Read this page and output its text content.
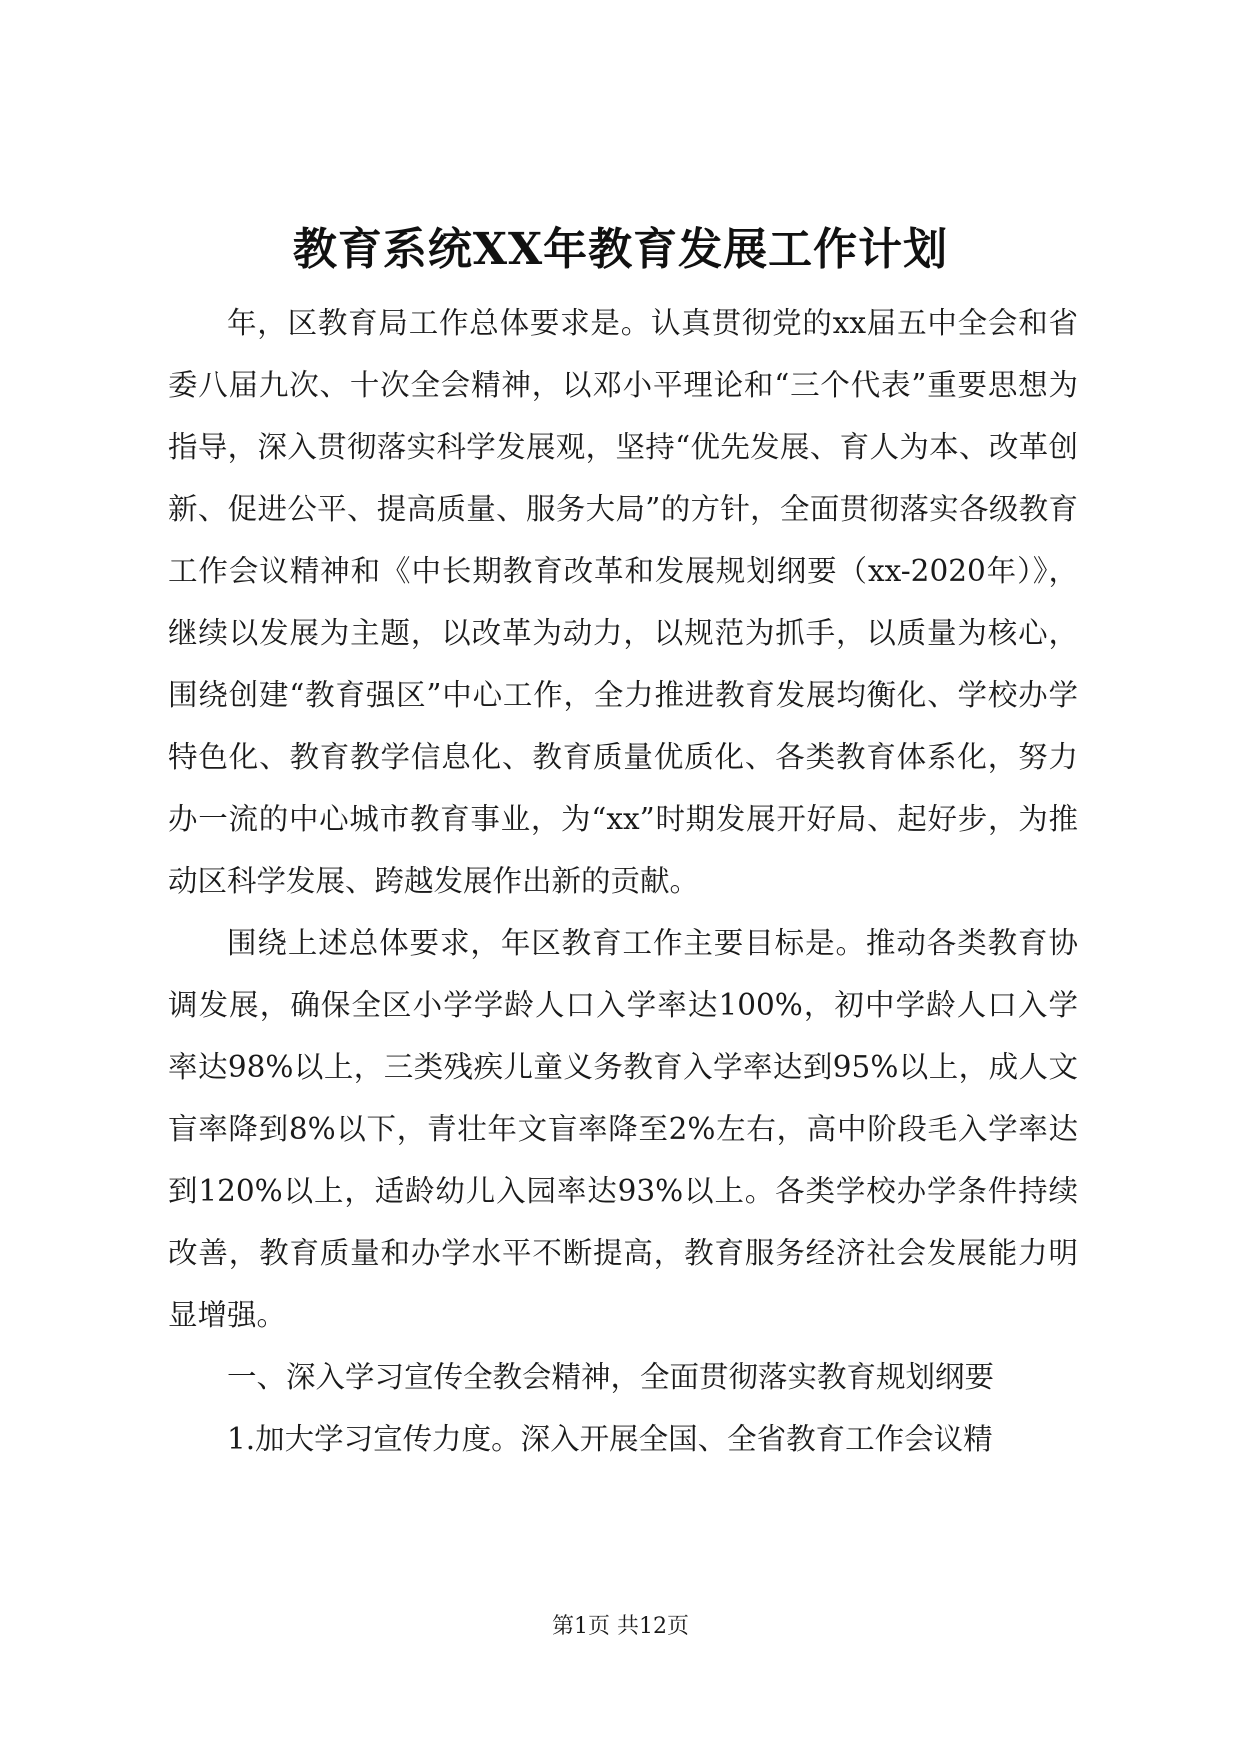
教育系统XX年教育发展工作计划

年，区教育局工作总体要求是。认真贯彻党的xx届五中全会和省委八届九次、十次全会精神，以邓小平理论和“三个代表”重要思想为指导，深入贯彻落实科学发展观，坚持“优先发展、育人为本、改革创新、促进公平、提高质量、服务大局”的方针，全面贯彻落实各级教育工作会议精神和《中长期教育改革和发展规划纲要（xx-2020年）》，继续以发展为主题，以改革为动力，以规范为抓手，以质量为核心，围绕创建“教育强区”中心工作，全力推进教育发展均衡化、学校办学特色化、教育教学信息化、教育质量优质化、各类教育体系化，努力办一流的中心城市教育事业，为“xx”时期发展开好局、起好步，为推动区科学发展、跨越发展作出新的贡献。

围绕上述总体要求，年区教育工作主要目标是。推动各类教育协调发展，确保全区小学学龄人口入学率达100%，初中学龄人口入学率达98%以上，三类残疾儿童义务教育入学率达到95%以上，成人文盲率降到8%以下，青壮年文盲率降至2%左右，高中阶段毛入学率达到120%以上，适龄幼儿入园率达93%以上。各类学校办学条件持续改善，教育质量和办学水平不断提高，教育服务经济社会发展能力明显增强。

一、深入学习宣传全教会精神，全面贯彻落实教育规划纲要

1.加大学习宣传力度。深入开展全国、全省教育工作会议精

第1页 共12页
